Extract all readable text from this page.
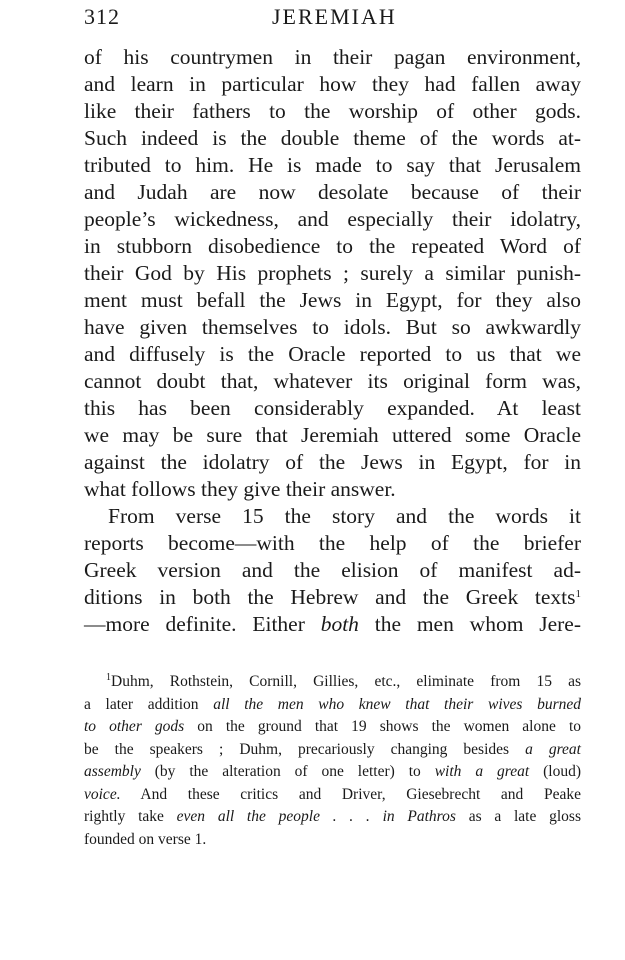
312	JEREMIAH
of his countrymen in their pagan environment,
and learn in particular how they had fallen away
like their fathers to the worship of other gods.
Such indeed is the double theme of the words at-
tributed to him. He is made to say that Jerusalem
and Judah are now desolate because of their
people’s wickedness, and especially their idolatry,
in stubborn disobedience to the repeated Word of
their God by His prophets ; surely a similar punish-
ment must befall the Jews in Egypt, for they also
have given themselves to idols. But so awkwardly
and diffusely is the Oracle reported to us that we
cannot doubt that, whatever its original form was,
this has been considerably expanded. At least
we may be sure that Jeremiah uttered some Oracle
against the idolatry of the Jews in Egypt, for in
what follows they give their answer.
From verse 15 the story and the words it
reports become—with the help of the briefer
Greek version and the elision of manifest ad-
ditions in both the Hebrew and the Greek texts$^1$
—more definite. Either both the men whom Jere-
$^1$Duhm, Rothstein, Cornill, Gillies, etc., eliminate from 15 as
a later addition all the men who knew that their wives burned
to other gods on the ground that 19 shows the women alone to
be the speakers ; Duhm, precariously changing besides a great
assembly (by the alteration of one letter) to with a great (loud)
voice. And these critics and Driver, Giesebrecht and Peake
rightly take even all the people . . . in Pathros as a late gloss
founded on verse 1.
